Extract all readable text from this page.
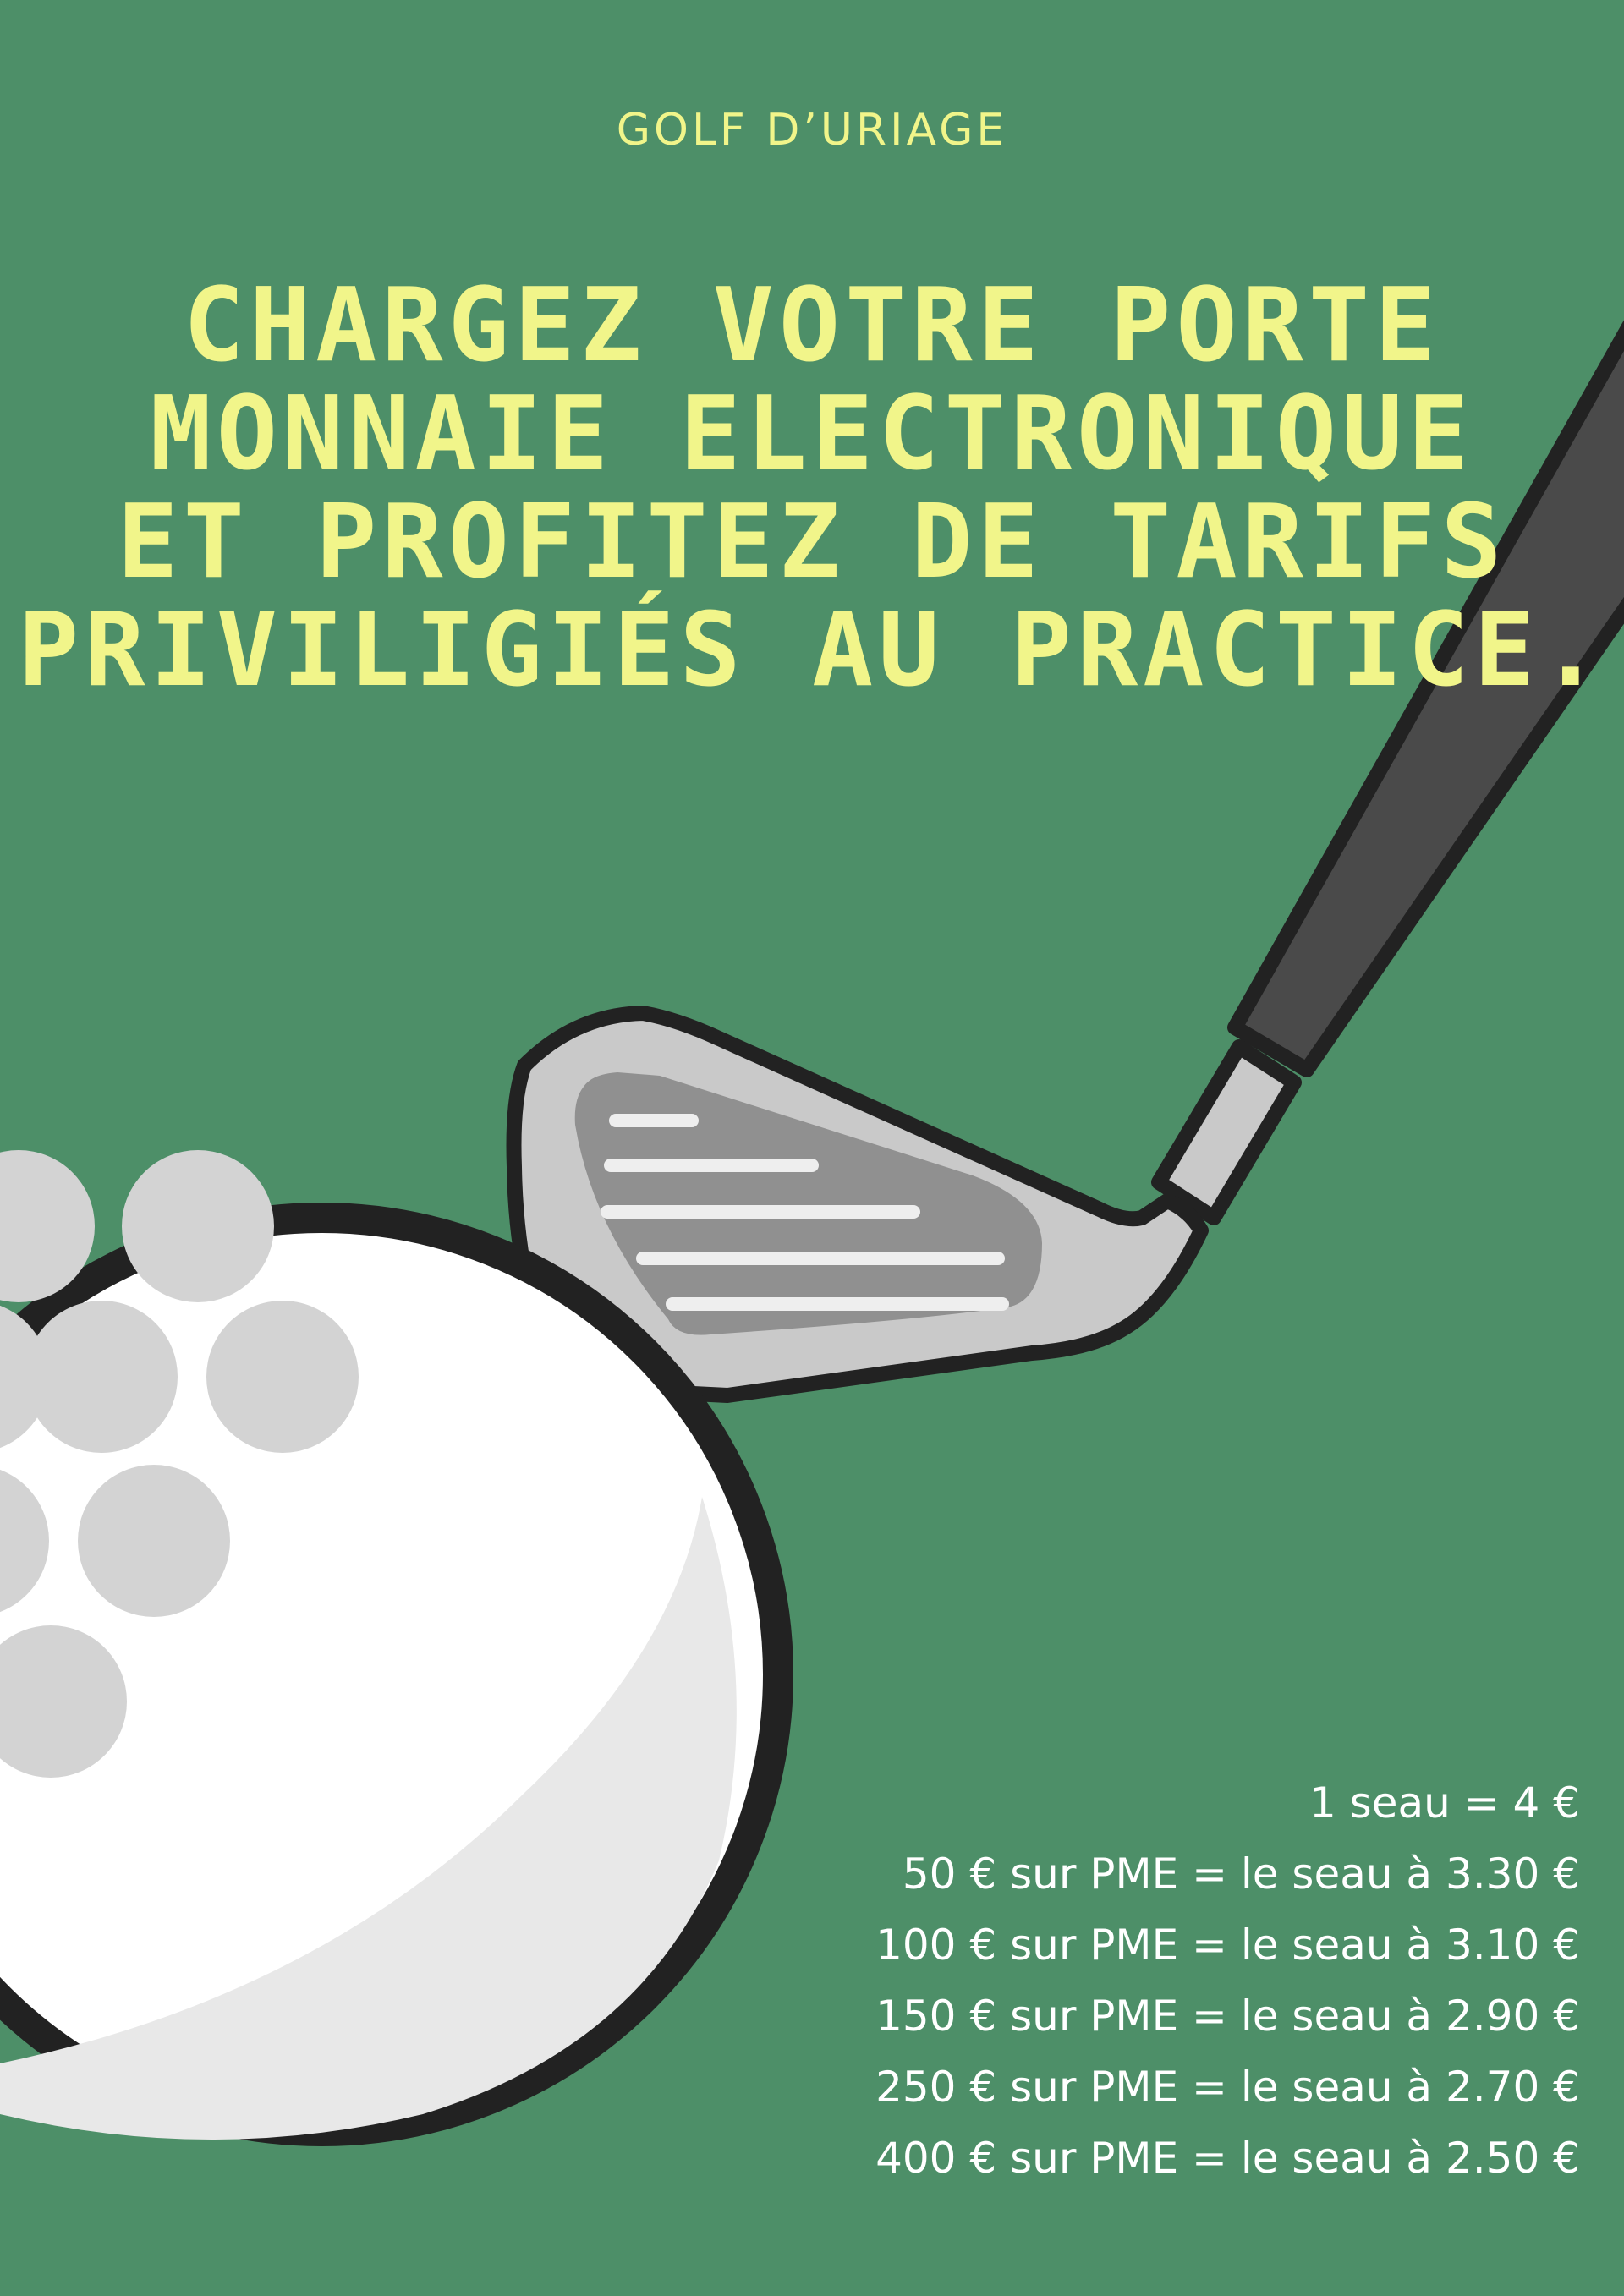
GOLF D’URIAGE
CHARGEZ VOTRE PORTE
MONNAIE ELECTRONIQUE
ET PROFITEZ DE TARIFS
PRIVILIGIÉS AU PRACTICE.
1 seau = 4 €
50 € sur PME = le seau à 3.30 €
100 € sur PME = le seau à 3.10 €
150 € sur PME = le seau à 2.90 €
250 € sur PME = le seau à 2.70 €
400 € sur PME = le seau à 2.50 €
